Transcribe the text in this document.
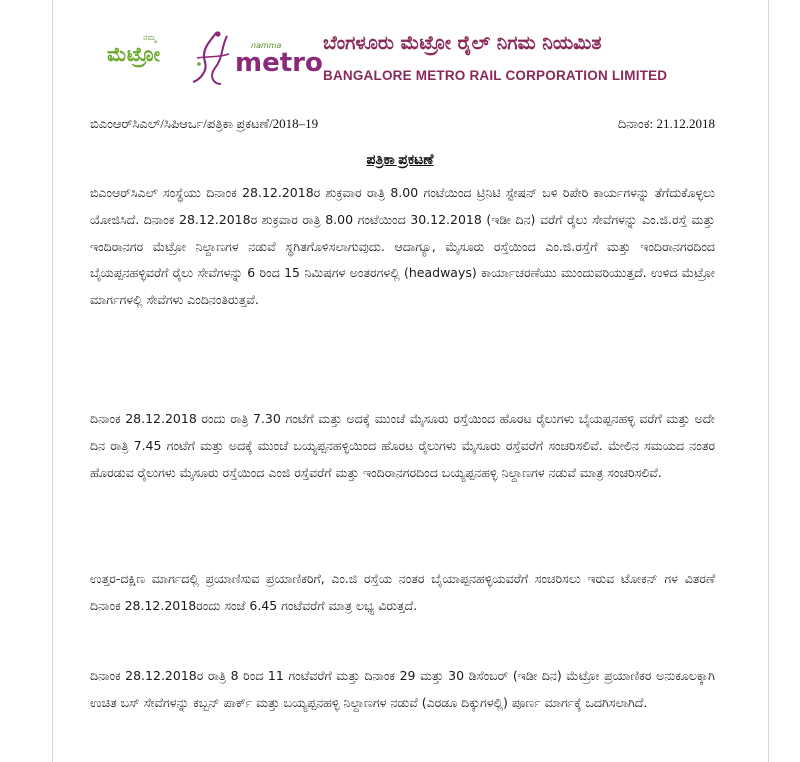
ನಮ್ಮ
ಮೆಟ್ರೋ	namma
metro
ಬೆಂಗಳೂರು ಮೆಟ್ರೋ ರೈಲ್ ನಿಗಮ ನಿಯಮಿತ
BANGALORE METRO RAIL CORPORATION LIMITED
ಬಿಎಂಆರ್‌ಸಿಎಲ್/ಸಿಪಿಆರ್ಒ/ಪತ್ರಿಕಾ ಪ್ರಕಟಣೆ/2018–19	ದಿನಾಂಕ: 21.12.2018
ಪತ್ರಿಕಾ ಪ್ರಕಟಣೆ
ಬಿಎಂಆರ್‌ಸಿಎಲ್ ಸಂಸ್ಥೆಯು ದಿನಾಂಕ 28.12.2018ರ ಶುಕ್ರವಾರ ರಾತ್ರಿ 8.00 ಗಂಟೆಯಿಂದ ಟ್ರಿನಿಟಿ ಸ್ಟೇಷನ್ ಬಳಿ ರಿಪೇರಿ ಕಾರ್ಯಗಳನ್ನು ತೆಗೆದುಕೊಳ್ಳಲು ಯೋಜಿಸಿದೆ. ದಿನಾಂಕ 28.12.2018ರ ಶುಕ್ರವಾರ ರಾತ್ರಿ 8.00 ಗಂಟೆಯಿಂದ 30.12.2018 (ಇಡೀ ದಿನ) ವರೆಗೆ ರೈಲು ಸೇವೆಗಳನ್ನು ಎಂ.ಜಿ.ರಸ್ತೆ ಮತ್ತು ಇಂದಿರಾನಗರ ಮೆಟ್ರೋ ನಿಲ್ದಾಣಗಳ ನಡುವೆ ಸ್ಥಗಿತಗೊಳಿಸಲಾಗುವುದು. ಆದಾಗ್ಯೂ, ಮೈಸೂರು ರಸ್ತೆಯಿಂದ ಎಂ.ಜಿ.ರಸ್ತೆಗೆ ಮತ್ತು ಇಂದಿರಾನಗರದಿಂದ ಬೈಯಪ್ಪನಹಳ್ಳಿವರೆಗೆ ರೈಲು ಸೇವೆಗಳನ್ನು 6 ರಿಂದ 15 ನಿಮಿಷಗಳ ಅಂತರಗಳಲ್ಲಿ (headways) ಕಾರ್ಯಾಚರಣೆಯು ಮುಂದುವರಿಯುತ್ತದೆ. ಉಳಿದ ಮೆಟ್ರೋ ಮಾರ್ಗಗಳಲ್ಲಿ ಸೇವೆಗಳು ಎಂದಿನಂತಿರುತ್ತವೆ.
ದಿನಾಂಕ 28.12.2018 ರಂದು ರಾತ್ರಿ 7.30 ಗಂಟೆಗೆ ಮತ್ತು ಅದಕ್ಕೆ ಮುಂಚೆ ಮೈಸೂರು ರಸ್ತೆಯಿಂದ ಹೊರಟ ರೈಲುಗಳು ಬೈಯಪ್ಪನಹಳ್ಳಿ ವರೆಗೆ ಮತ್ತು ಅದೇ ದಿನ ರಾತ್ರಿ 7.45 ಗಂಟೆಗೆ ಮತ್ತು ಅದಕ್ಕೆ ಮುಂಚೆ ಬಯ್ಯಪ್ಪನಹಳ್ಳಿಯಿಂದ ಹೊರಟ ರೈಲುಗಳು ಮೈಸೂರು ರಸ್ತೆವರೆಗೆ ಸಂಚರಿಸಲಿವೆ. ಮೇಲಿನ ಸಮಯದ ನಂತರ ಹೊರಡುವ ರೈಲುಗಳು ಮೈಸೂರು ರಸ್ತೆಯಿಂದ ಎಂಜಿ ರಸ್ತೆವರೆಗೆ ಮತ್ತು ಇಂದಿರಾನಗರದಿಂದ ಬಯ್ಯಪ್ಪನಹಳ್ಳಿ ನಿಲ್ದಾಣಗಳ ನಡುವೆ ಮಾತ್ರ ಸಂಚರಿಸಲಿವೆ.
ಉತ್ತರ-ದಕ್ಷಿಣ ಮಾರ್ಗದಲ್ಲಿ ಪ್ರಯಾಣಿಸುವ ಪ್ರಯಾಣಿಕರಿಗೆ, ಎಂ.ಜಿ ರಸ್ತೆಯ ನಂತರ ಬೈಯಾಪ್ಪನಹಳ್ಳಿಯವರೆಗೆ ಸಂಚರಿಸಲು ಇರುವ ಟೋಕನ್ ಗಳ ವಿತರಣೆ ದಿನಾಂಕ 28.12.2018ರಂದು ಸಂಜೆ 6.45 ಗಂಟೆವರೆಗೆ ಮಾತ್ರ ಲಭ್ಯ ವಿರುತ್ತದೆ.
ದಿನಾಂಕ 28.12.2018ರ ರಾತ್ರಿ 8 ರಿಂದ 11 ಗಂಟೆವರೆಗೆ ಮತ್ತು ದಿನಾಂಕ 29 ಮತ್ತು 30 ಡಿಸೆಂಬರ್ (ಇಡೀ ದಿನ) ಮೆಟ್ರೋ ಪ್ರಯಾಣಿಕರ ಅನುಕೂಲಕ್ಕಾಗಿ ಉಚಿತ ಬಸ್ ಸೇವೆಗಳನ್ನು ಕಬ್ಬನ್ ಪಾರ್ಕ್ ಮತ್ತು ಬಯ್ಯಪ್ಪನಹಳ್ಳಿ ನಿಲ್ದಾಣಗಳ ನಡುವೆ (ಎರಡೂ ದಿಕ್ಕುಗಳಲ್ಲಿ) ಪೂರ್ಣ ಮಾರ್ಗಕ್ಕೆ ಒದಗಿಸಲಾಗಿದೆ.
